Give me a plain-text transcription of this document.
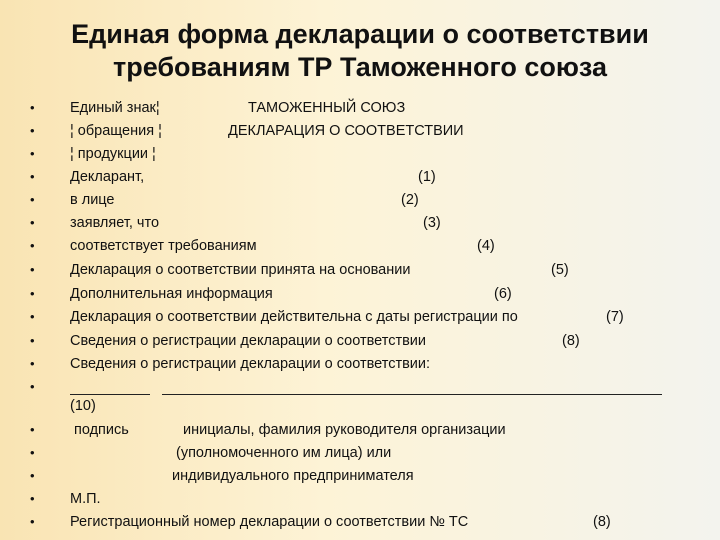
Единая форма декларации о соответствии
требованиям ТР Таможенного союза
• Единый знак¦	ТАМОЖЕННЫЙ СОЮЗ
• ¦ обращения ¦	ДЕКЛАРАЦИЯ О СООТВЕТСТВИИ
• ¦ продукции ¦
• Декларант,	(1)
• в лице	(2)
• заявляет, что	(3)
• соответствует требованиям	(4)
• Декларация о соответствии принята на основании	(5)
• Дополнительная информация	(6)
• Декларация о соответствии действительна с даты регистрации по	(7)
• Сведения о регистрации декларации о соответствии	(8)
• Сведения о регистрации декларации о соответствии:
•
(10)
•	подпись	инициалы, фамилия руководителя организации
•	(уполномоченного им лица) или
•	индивидуального предпринимателя
• М.П.
• Регистрационный номер декларации о соответствии № ТС	(8)
